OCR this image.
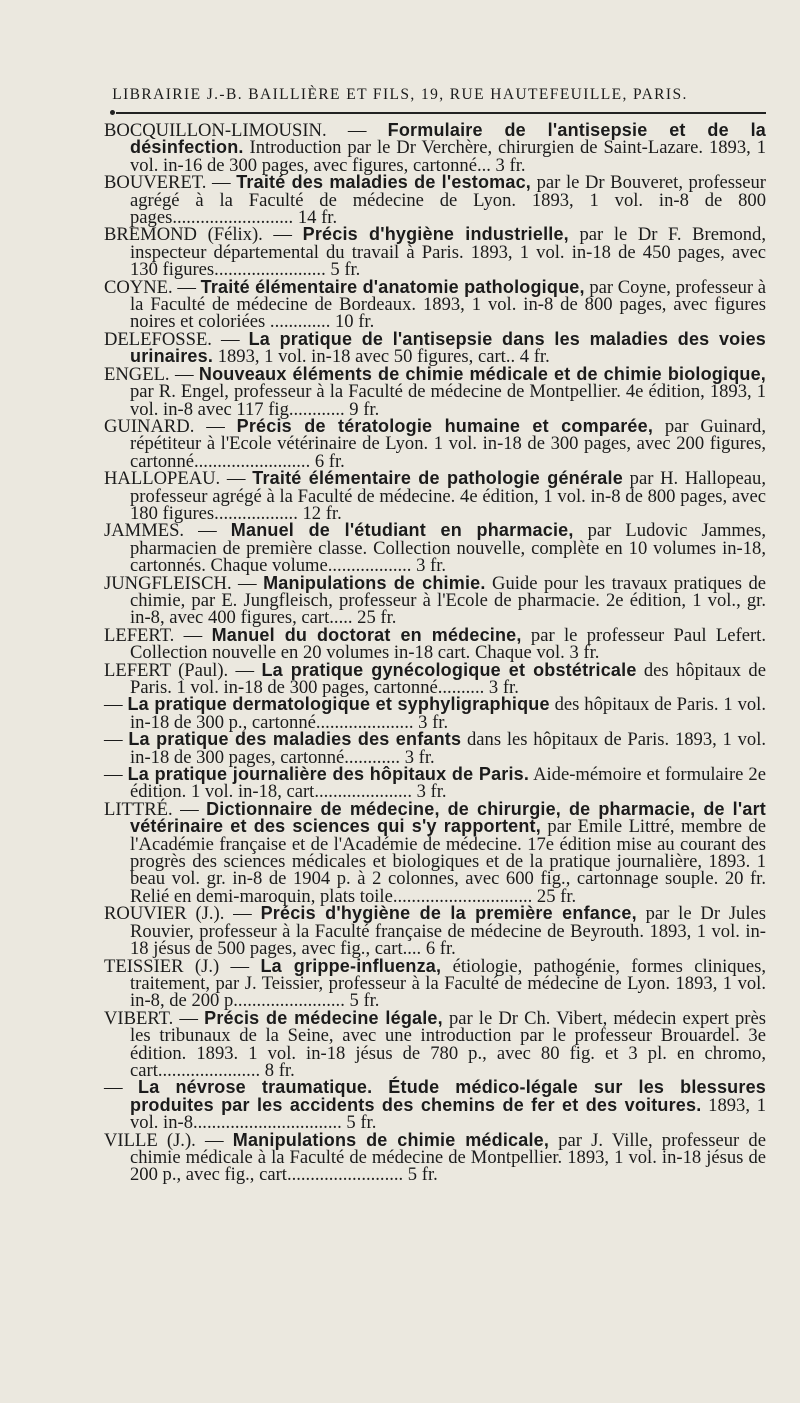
LIBRAIRIE J.-B. BAILLIÈRE ET FILS, 19, RUE HAUTEFEUILLE, PARIS.

BOCQUILLON-LIMOUSIN. — Formulaire de l'antisepsie et de la désinfection. Introduction par le Dr Verchère, chirurgien de Saint-Lazare. 1893, 1 vol. in-16 de 300 pages, avec figures, cartonné... 3 fr.

BOUVERET. — Traité des maladies de l'estomac, par le Dr Bouveret, professeur agrégé à la Faculté de médecine de Lyon. 1893, 1 vol. in-8 de 800 pages.......................... 14 fr.

BREMOND (Félix). — Précis d'hygiène industrielle, par le Dr F. Bremond, inspecteur départemental du travail à Paris. 1893, 1 vol. in-18 de 450 pages, avec 130 figures........................ 5 fr.

COYNE. — Traité élémentaire d'anatomie pathologique, par Coyne, professeur à la Faculté de médecine de Bordeaux. 1893, 1 vol. in-8 de 800 pages, avec figures noires et coloriées ............. 10 fr.

DELEFOSSE. — La pratique de l'antisepsie dans les maladies des voies urinaires. 1893, 1 vol. in-18 avec 50 figures, cart.. 4 fr.

ENGEL. — Nouveaux éléments de chimie médicale et de chimie biologique, par R. Engel, professeur à la Faculté de médecine de Montpellier. 4e édition, 1893, 1 vol. in-8 avec 117 fig............ 9 fr.

GUINARD. — Précis de tératologie humaine et comparée, par Guinard, répétiteur à l'Ecole vétérinaire de Lyon. 1 vol. in-18 de 300 pages, avec 200 figures, cartonné......................... 6 fr.

HALLOPEAU. — Traité élémentaire de pathologie générale par H. Hallopeau, professeur agrégé à la Faculté de médecine. 4e édition, 1 vol. in-8 de 800 pages, avec 180 figures.................. 12 fr.

JAMMES. — Manuel de l'étudiant en pharmacie, par Ludovic Jammes, pharmacien de première classe. Collection nouvelle, complète en 10 volumes in-18, cartonnés. Chaque volume.................. 3 fr.

JUNGFLEISCH. — Manipulations de chimie. Guide pour les travaux pratiques de chimie, par E. Jungfleisch, professeur à l'Ecole de pharmacie. 2e édition, 1 vol., gr. in-8, avec 400 figures, cart..... 25 fr.

LEFERT. — Manuel du doctorat en médecine, par le professeur Paul Lefert. Collection nouvelle en 20 volumes in-18 cart. Chaque vol. 3 fr.

LEFERT (Paul). — La pratique gynécologique et obstétricale des hôpitaux de Paris. 1 vol. in-18 de 300 pages, cartonné.......... 3 fr.

— La pratique dermatologique et syphyligraphique des hôpitaux de Paris. 1 vol. in-18 de 300 p., cartonné..................... 3 fr.

— La pratique des maladies des enfants dans les hôpitaux de Paris. 1893, 1 vol. in-18 de 300 pages, cartonné............ 3 fr.

— La pratique journalière des hôpitaux de Paris. Aide-mémoire et formulaire 2e édition. 1 vol. in-18, cart..................... 3 fr.

LITTRÉ. — Dictionnaire de médecine, de chirurgie, de pharmacie, de l'art vétérinaire et des sciences qui s'y rapportent, par Emile Littré, membre de l'Académie française et de l'Académie de médecine. 17e édition mise au courant des progrès des sciences médicales et biologiques et de la pratique journalière, 1893. 1 beau vol. gr. in-8 de 1904 p. à 2 colonnes, avec 600 fig., cartonnage souple. 20 fr. Relié en demi-maroquin, plats toile.............................. 25 fr.

ROUVIER (J.). — Précis d'hygiène de la première enfance, par le Dr Jules Rouvier, professeur à la Faculté française de médecine de Beyrouth. 1893, 1 vol. in-18 jésus de 500 pages, avec fig., cart.... 6 fr.

TEISSIER (J.) — La grippe-influenza, étiologie, pathogénie, formes cliniques, traitement, par J. Teissier, professeur à la Faculté de médecine de Lyon. 1893, 1 vol. in-8, de 200 p........................ 5 fr.

VIBERT. — Précis de médecine légale, par le Dr Ch. Vibert, médecin expert près les tribunaux de la Seine, avec une introduction par le professeur Brouardel. 3e édition. 1893. 1 vol. in-18 jésus de 780 p., avec 80 fig. et 3 pl. en chromo, cart...................... 8 fr.

— La névrose traumatique. Étude médico-légale sur les blessures produites par les accidents des chemins de fer et des voitures. 1893, 1 vol. in-8................................ 5 fr.

VILLE (J.). — Manipulations de chimie médicale, par J. Ville, professeur de chimie médicale à la Faculté de médecine de Montpellier. 1893, 1 vol. in-18 jésus de 200 p., avec fig., cart......................... 5 fr.
